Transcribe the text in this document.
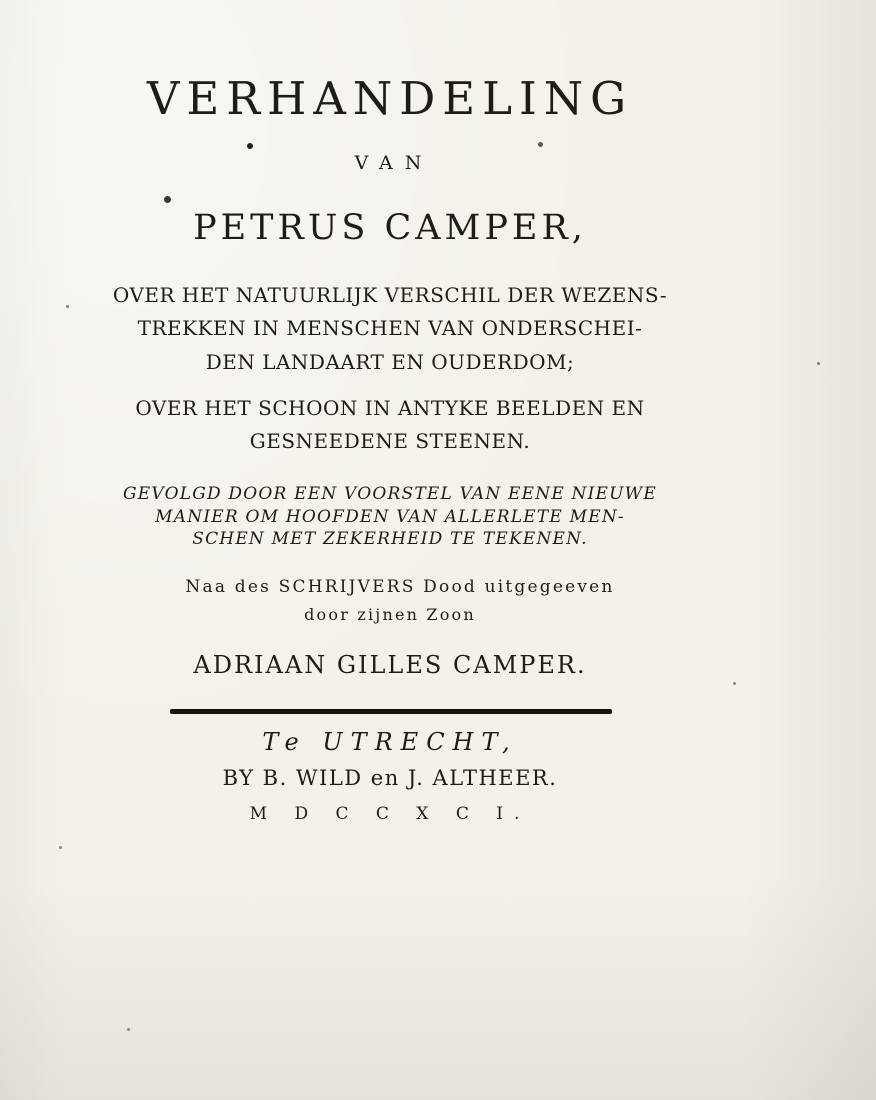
VERHANDELING
VAN
PETRUS CAMPER,
OVER HET NATUURLIJK VERSCHIL DER WEZENS-
TREKKEN IN MENSCHEN VAN ONDERSCHEI-
DEN LANDAART EN OUDERDOM;
OVER HET SCHOON IN ANTYKE BEELDEN EN
GESNEEDENE STEENEN.
GEVOLGD DOOR EEN VOORSTEL VAN EENE NIEUWE
MANIER OM HOOFDEN VAN ALLERLETE MEN-
SCHEN MET ZEKERHEID TE TEKENEN.
Naa des SCHRIJVERS Dood uitgegeeven
door zijnen Zoon
ADRIAAN GILLES CAMPER.
Te UTRECHT,
BY B. WILD en J. ALTHEER.
M D C C X C I.
